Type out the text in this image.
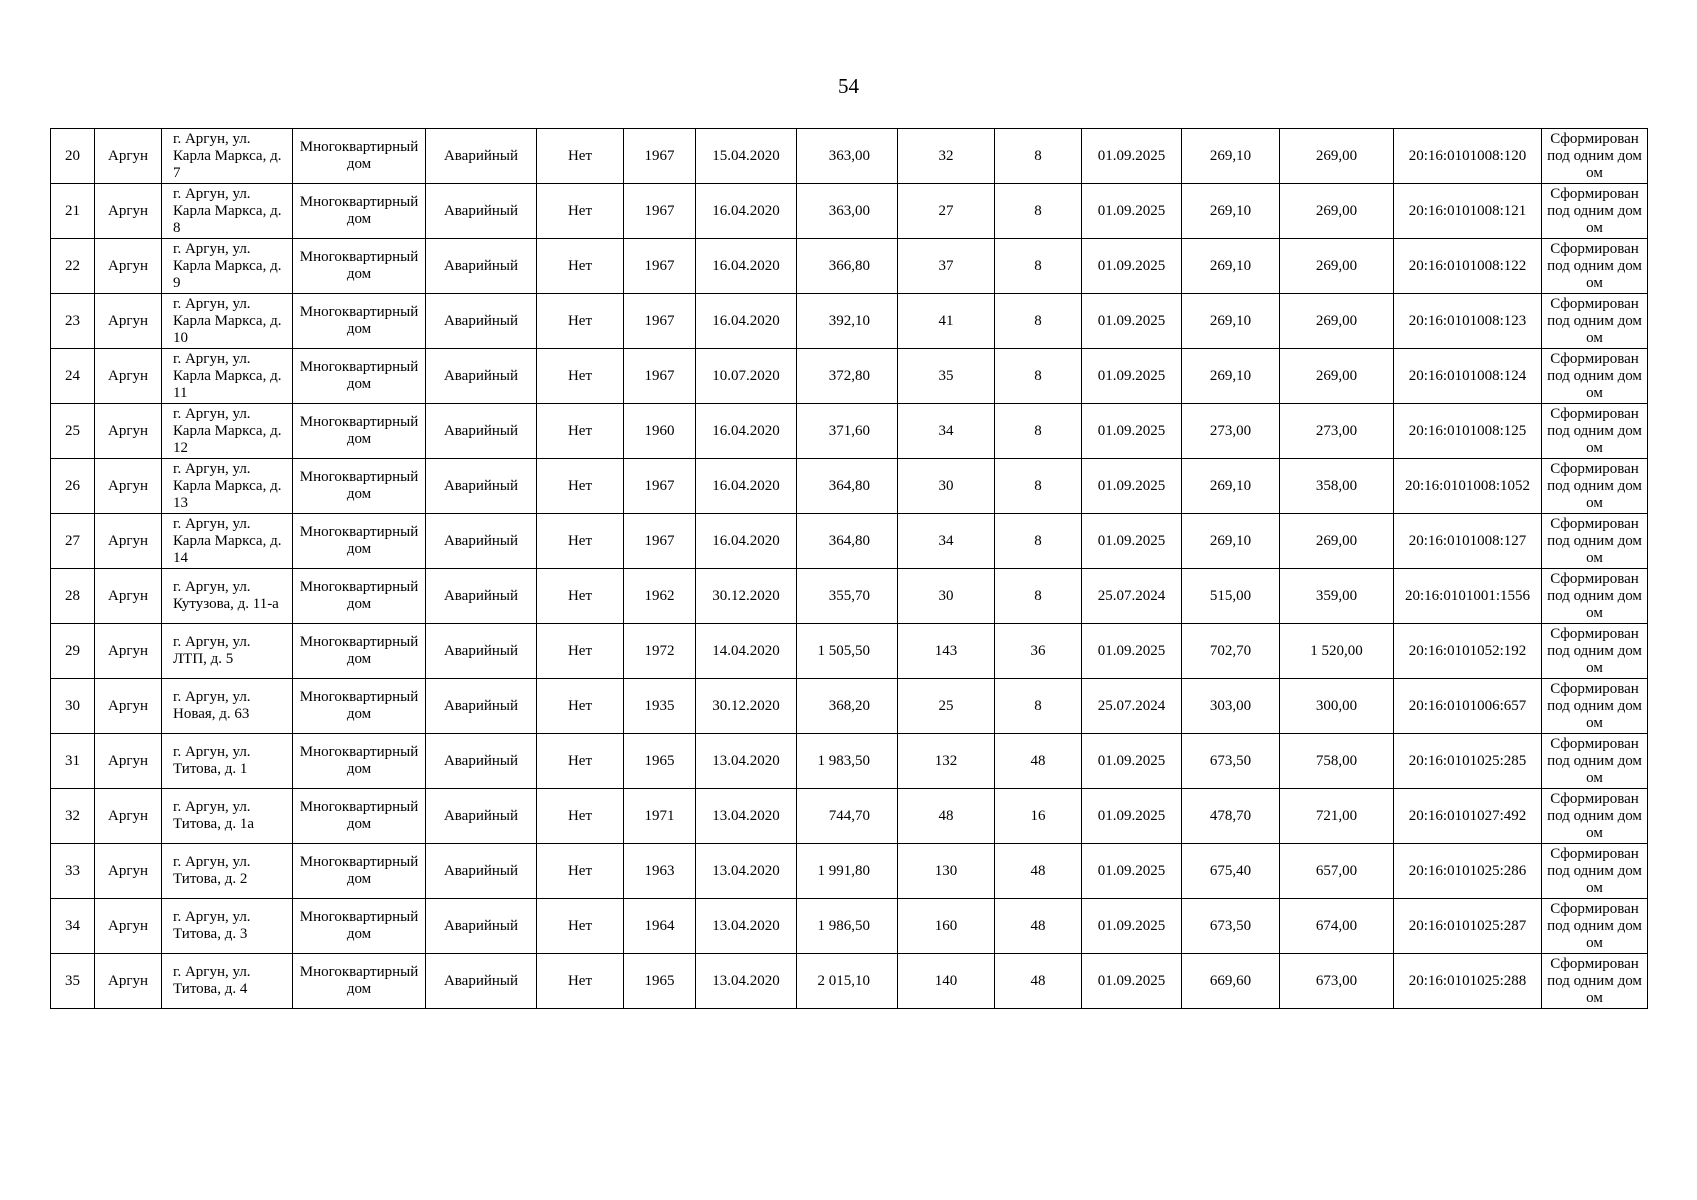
54
20	Аргун	г. Аргун, ул. Карла Маркса, д. 7	Многоквартирный дом	Аварийный	Нет	1967	15.04.2020	363,00	32	8	01.09.2025	269,10	269,00	20:16:0101008:120	Сформирован под одним домом
21	Аргун	г. Аргун, ул. Карла Маркса, д. 8	Многоквартирный дом	Аварийный	Нет	1967	16.04.2020	363,00	27	8	01.09.2025	269,10	269,00	20:16:0101008:121	Сформирован под одним домом
22	Аргун	г. Аргун, ул. Карла Маркса, д. 9	Многоквартирный дом	Аварийный	Нет	1967	16.04.2020	366,80	37	8	01.09.2025	269,10	269,00	20:16:0101008:122	Сформирован под одним домом
23	Аргун	г. Аргун, ул. Карла Маркса, д. 10	Многоквартирный дом	Аварийный	Нет	1967	16.04.2020	392,10	41	8	01.09.2025	269,10	269,00	20:16:0101008:123	Сформирован под одним домом
24	Аргун	г. Аргун, ул. Карла Маркса, д. 11	Многоквартирный дом	Аварийный	Нет	1967	10.07.2020	372,80	35	8	01.09.2025	269,10	269,00	20:16:0101008:124	Сформирован под одним домом
25	Аргун	г. Аргун, ул. Карла Маркса, д. 12	Многоквартирный дом	Аварийный	Нет	1960	16.04.2020	371,60	34	8	01.09.2025	273,00	273,00	20:16:0101008:125	Сформирован под одним домом
26	Аргун	г. Аргун, ул. Карла Маркса, д. 13	Многоквартирный дом	Аварийный	Нет	1967	16.04.2020	364,80	30	8	01.09.2025	269,10	358,00	20:16:0101008:1052	Сформирован под одним домом
27	Аргун	г. Аргун, ул. Карла Маркса, д. 14	Многоквартирный дом	Аварийный	Нет	1967	16.04.2020	364,80	34	8	01.09.2025	269,10	269,00	20:16:0101008:127	Сформирован под одним домом
28	Аргун	г. Аргун, ул. Кутузова, д. 11-а	Многоквартирный дом	Аварийный	Нет	1962	30.12.2020	355,70	30	8	25.07.2024	515,00	359,00	20:16:0101001:1556	Сформирован под одним домом
29	Аргун	г. Аргун, ул. ЛТП, д. 5	Многоквартирный дом	Аварийный	Нет	1972	14.04.2020	1 505,50	143	36	01.09.2025	702,70	1 520,00	20:16:0101052:192	Сформирован под одним домом
30	Аргун	г. Аргун, ул. Новая, д. 63	Многоквартирный дом	Аварийный	Нет	1935	30.12.2020	368,20	25	8	25.07.2024	303,00	300,00	20:16:0101006:657	Сформирован под одним домом
31	Аргун	г. Аргун, ул. Титова, д. 1	Многоквартирный дом	Аварийный	Нет	1965	13.04.2020	1 983,50	132	48	01.09.2025	673,50	758,00	20:16:0101025:285	Сформирован под одним домом
32	Аргун	г. Аргун, ул. Титова, д. 1а	Многоквартирный дом	Аварийный	Нет	1971	13.04.2020	744,70	48	16	01.09.2025	478,70	721,00	20:16:0101027:492	Сформирован под одним домом
33	Аргун	г. Аргун, ул. Титова, д. 2	Многоквартирный дом	Аварийный	Нет	1963	13.04.2020	1 991,80	130	48	01.09.2025	675,40	657,00	20:16:0101025:286	Сформирован под одним домом
34	Аргун	г. Аргун, ул. Титова, д. 3	Многоквартирный дом	Аварийный	Нет	1964	13.04.2020	1 986,50	160	48	01.09.2025	673,50	674,00	20:16:0101025:287	Сформирован под одним домом
35	Аргун	г. Аргун, ул. Титова, д. 4	Многоквартирный дом	Аварийный	Нет	1965	13.04.2020	2 015,10	140	48	01.09.2025	669,60	673,00	20:16:0101025:288	Сформирован под одним домом
